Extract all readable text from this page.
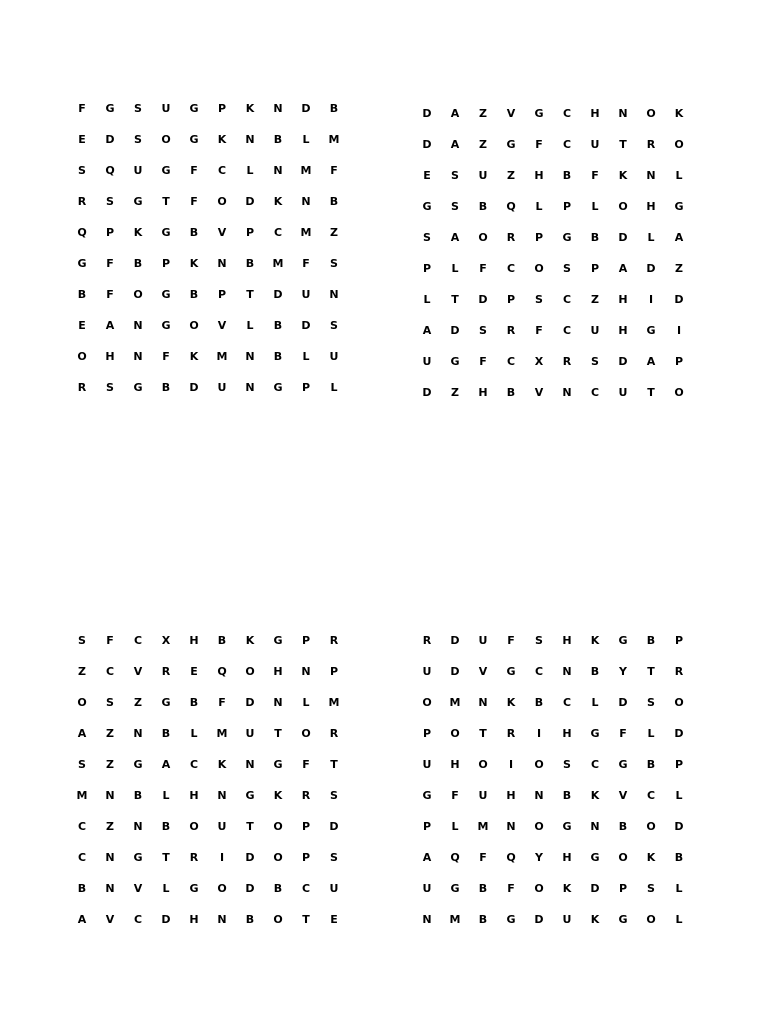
F	G	S	U	G	P	K	N	D	B
E	D	S	O	G	K	N	B	L	M
S	Q	U	G	F	C	L	N	M	F
R	S	G	T	F	O	D	K	N	B
Q	P	K	G	B	V	P	C	M	Z
G	F	B	P	K	N	B	M	F	S
B	F	O	G	B	P	T	D	U	N
E	A	N	G	O	V	L	B	D	S
O	H	N	F	K	M	N	B	L	U
R	S	G	B	D	U	N	G	P	L
D	A	Z	V	G	C	H	N	O	K
D	A	Z	G	F	C	U	T	R	O
E	S	U	Z	H	B	F	K	N	L
G	S	B	Q	L	P	L	O	H	G
S	A	O	R	P	G	B	D	L	A
P	L	F	C	O	S	P	A	D	Z
L	T	D	P	S	C	Z	H	I	D
A	D	S	R	F	C	U	H	G	I
U	G	F	C	X	R	S	D	A	P
D	Z	H	B	V	N	C	U	T	O
S	F	C	X	H	B	K	G	P	R
Z	C	V	R	E	Q	O	H	N	P
O	S	Z	G	B	F	D	N	L	M
A	Z	N	B	L	M	U	T	O	R
S	Z	G	A	C	K	N	G	F	T
M	N	B	L	H	N	G	K	R	S
C	Z	N	B	O	U	T	O	P	D
C	N	G	T	R	I	D	O	P	S
B	N	V	L	G	O	D	B	C	U
A	V	C	D	H	N	B	O	T	E
R	D	U	F	S	H	K	G	B	P
U	D	V	G	C	N	B	Y	T	R
O	M	N	K	B	C	L	D	S	O
P	O	T	R	I	H	G	F	L	D
U	H	O	I	O	S	C	G	B	P
G	F	U	H	N	B	K	V	C	L
P	L	M	N	O	G	N	B	O	D
A	Q	F	Q	Y	H	G	O	K	B
U	G	B	F	O	K	D	P	S	L
N	M	B	G	D	U	K	G	O	L
